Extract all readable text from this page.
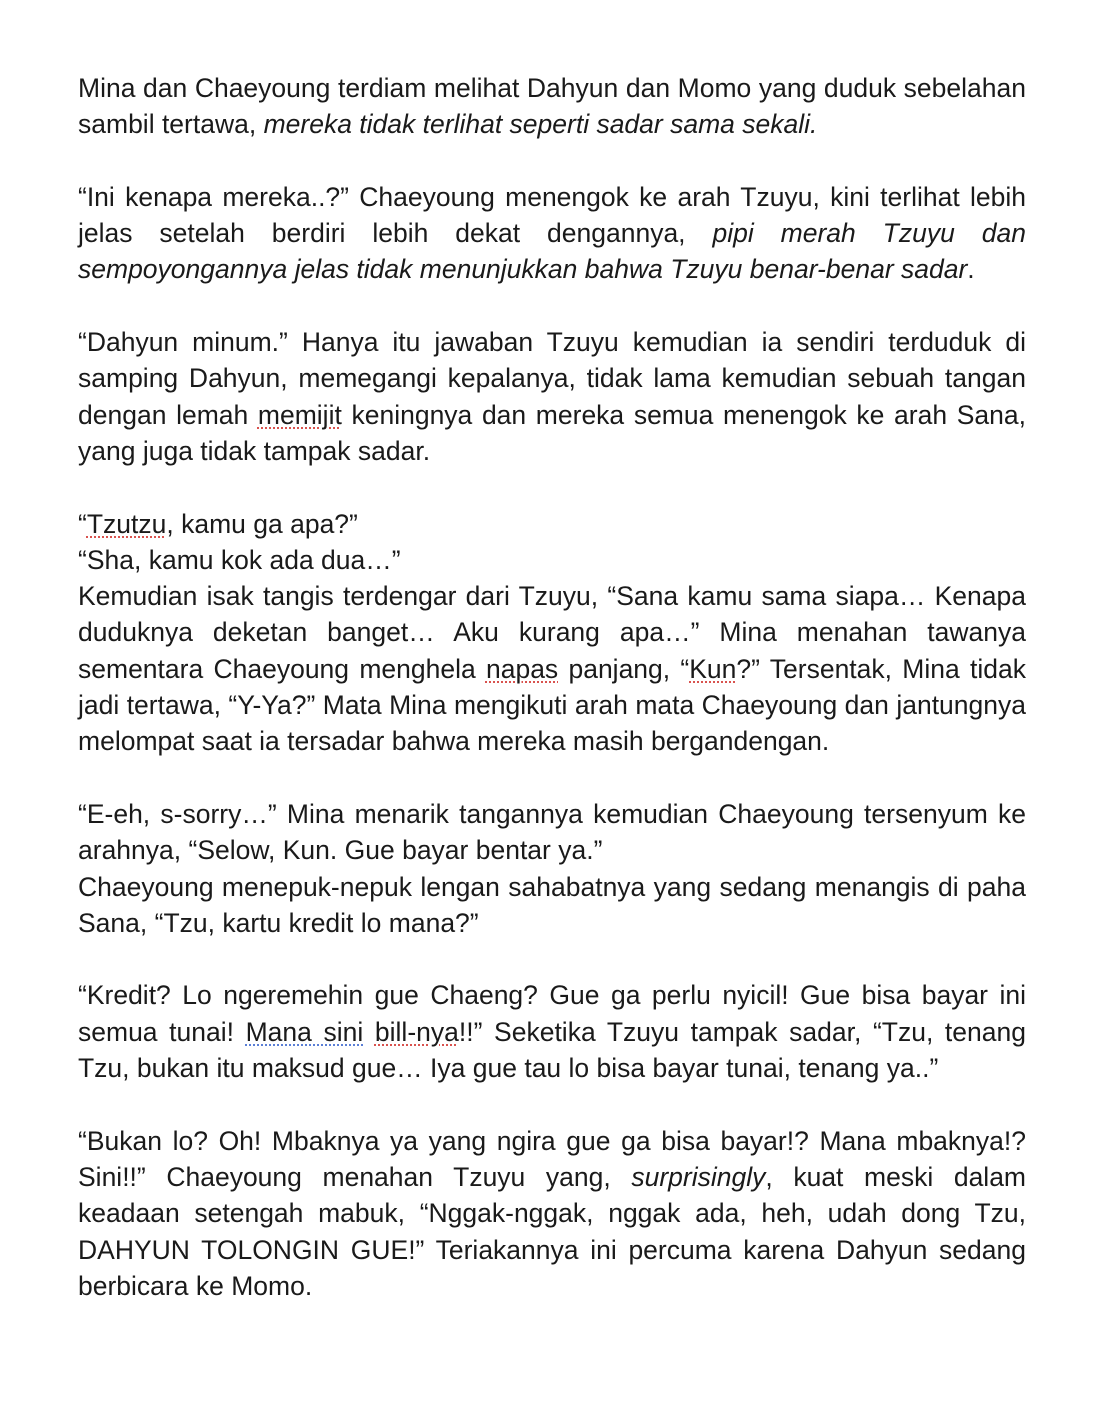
Mina dan Chaeyoung terdiam melihat Dahyun dan Momo yang duduk sebelahan sambil tertawa, mereka tidak terlihat seperti sadar sama sekali.

“Ini kenapa mereka..?” Chaeyoung menengok ke arah Tzuyu, kini terlihat lebih jelas setelah berdiri lebih dekat dengannya, pipi merah Tzuyu dan sempoyongannya jelas tidak menunjukkan bahwa Tzuyu benar-benar sadar.

“Dahyun minum.” Hanya itu jawaban Tzuyu kemudian ia sendiri terduduk di samping Dahyun, memegangi kepalanya, tidak lama kemudian sebuah tangan dengan lemah memijit keningnya dan mereka semua menengok ke arah Sana, yang juga tidak tampak sadar.

“Tzutzu, kamu ga apa?”

“Sha, kamu kok ada dua…”

Kemudian isak tangis terdengar dari Tzuyu, “Sana kamu sama siapa… Kenapa duduknya deketan banget… Aku kurang apa…” Mina menahan tawanya sementara Chaeyoung menghela napas panjang, “Kun?” Tersentak, Mina tidak jadi tertawa, “Y-Ya?” Mata Mina mengikuti arah mata Chaeyoung dan jantungnya melompat saat ia tersadar bahwa mereka masih bergandengan.

“E-eh, s-sorry…” Mina menarik tangannya kemudian Chaeyoung tersenyum ke arahnya, “Selow, Kun. Gue bayar bentar ya.”

Chaeyoung menepuk-nepuk lengan sahabatnya yang sedang menangis di paha Sana, “Tzu, kartu kredit lo mana?”

“Kredit? Lo ngeremehin gue Chaeng? Gue ga perlu nyicil! Gue bisa bayar ini semua tunai! Mana sini bill-nya!!” Seketika Tzuyu tampak sadar, “Tzu, tenang Tzu, bukan itu maksud gue… Iya gue tau lo bisa bayar tunai, tenang ya..”

“Bukan lo? Oh! Mbaknya ya yang ngira gue ga bisa bayar!? Mana mbaknya!? Sini!!” Chaeyoung menahan Tzuyu yang, surprisingly, kuat meski dalam keadaan setengah mabuk, “Nggak-nggak, nggak ada, heh, udah dong Tzu, DAHYUN TOLONGIN GUE!” Teriakannya ini percuma karena Dahyun sedang berbicara ke Momo.
